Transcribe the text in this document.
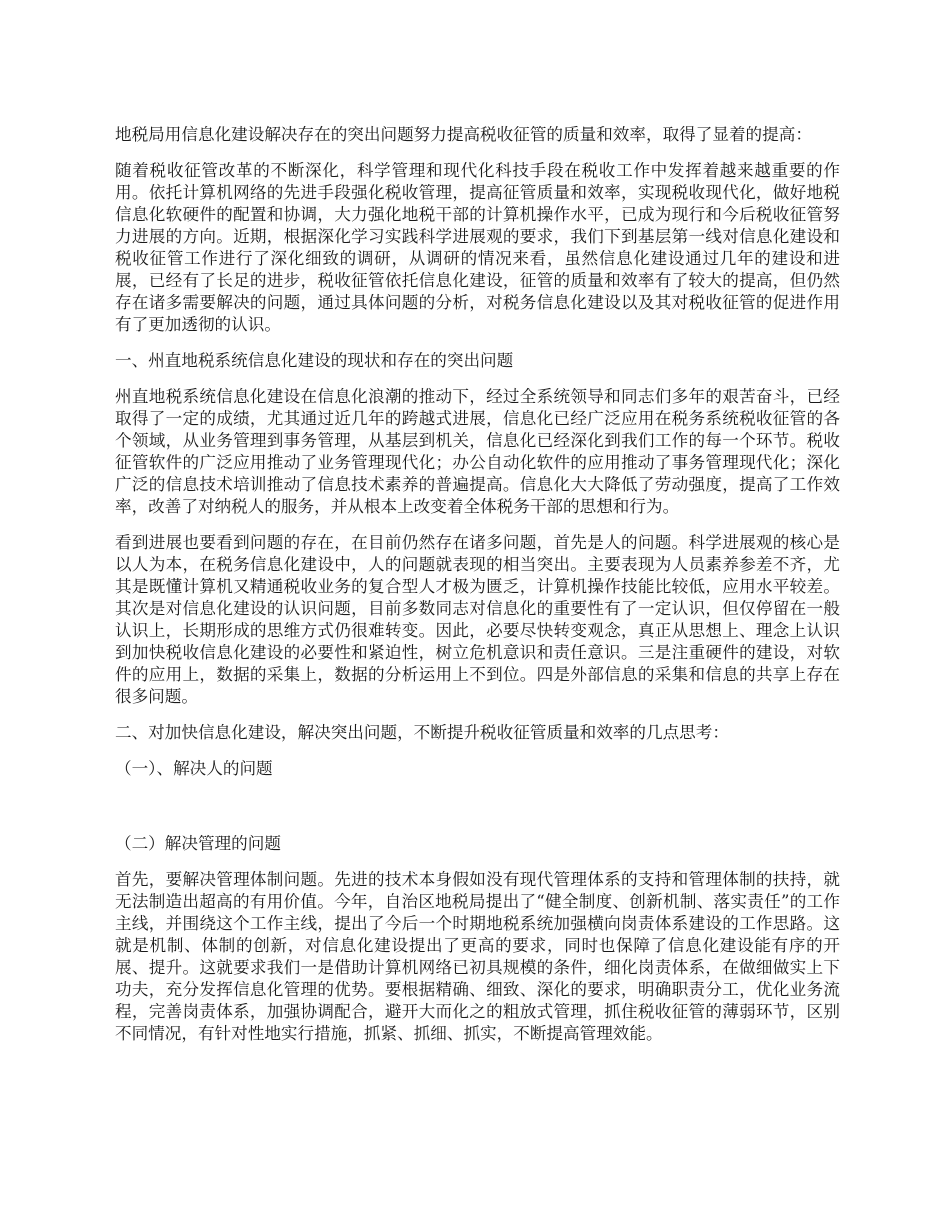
地税局用信息化建设解决存在的突出问题努力提高税收征管的质量和效率，取得了显着的提高：

随着税收征管改革的不断深化，科学管理和现代化科技手段在税收工作中发挥着越来越重要的作用。依托计算机网络的先进手段强化税收管理，提高征管质量和效率，实现税收现代化，做好地税信息化软硬件的配置和协调，大力强化地税干部的计算机操作水平，已成为现行和今后税收征管努力进展的方向。近期，根据深化学习实践科学进展观的要求，我们下到基层第一线对信息化建设和税收征管工作进行了深化细致的调研，从调研的情况来看，虽然信息化建设通过几年的建设和进展，已经有了长足的进步，税收征管依托信息化建设，征管的质量和效率有了较大的提高，但仍然存在诸多需要解决的问题，通过具体问题的分析，对税务信息化建设以及其对税收征管的促进作用有了更加透彻的认识。

一、州直地税系统信息化建设的现状和存在的突出问题

州直地税系统信息化建设在信息化浪潮的推动下，经过全系统领导和同志们多年的艰苦奋斗，已经取得了一定的成绩，尤其通过近几年的跨越式进展，信息化已经广泛应用在税务系统税收征管的各个领域，从业务管理到事务管理，从基层到机关，信息化已经深化到我们工作的每一个环节。税收征管软件的广泛应用推动了业务管理现代化；办公自动化软件的应用推动了事务管理现代化；深化广泛的信息技术培训推动了信息技术素养的普遍提高。信息化大大降低了劳动强度，提高了工作效率，改善了对纳税人的服务，并从根本上改变着全体税务干部的思想和行为。

看到进展也要看到问题的存在，在目前仍然存在诸多问题，首先是人的问题。科学进展观的核心是以人为本，在税务信息化建设中，人的问题就表现的相当突出。主要表现为人员素养参差不齐，尤其是既懂计算机又精通税收业务的复合型人才极为匮乏，计算机操作技能比较低，应用水平较差。其次是对信息化建设的认识问题，目前多数同志对信息化的重要性有了一定认识，但仅停留在一般认识上，长期形成的思维方式仍很难转变。因此，必要尽快转变观念，真正从思想上、理念上认识到加快税收信息化建设的必要性和紧迫性，树立危机意识和责任意识。三是注重硬件的建设，对软件的应用上，数据的采集上，数据的分析运用上不到位。四是外部信息的采集和信息的共享上存在很多问题。

二、对加快信息化建设，解决突出问题，不断提升税收征管质量和效率的几点思考：

（一）、解决人的问题

（二）解决管理的问题

首先，要解决管理体制问题。先进的技术本身假如没有现代管理体系的支持和管理体制的扶持，就无法制造出超高的有用价值。今年，自治区地税局提出了“健全制度、创新机制、落实责任”的工作主线，并围绕这个工作主线，提出了今后一个时期地税系统加强横向岗责体系建设的工作思路。这就是机制、体制的创新，对信息化建设提出了更高的要求，同时也保障了信息化建设能有序的开展、提升。这就要求我们一是借助计算机网络已初具规模的条件，细化岗责体系，在做细做实上下功夫，充分发挥信息化管理的优势。要根据精确、细致、深化的要求，明确职责分工，优化业务流程，完善岗责体系，加强协调配合，避开大而化之的粗放式管理，抓住税收征管的薄弱环节，区别不同情况，有针对性地实行措施，抓紧、抓细、抓实，不断提高管理效能。
